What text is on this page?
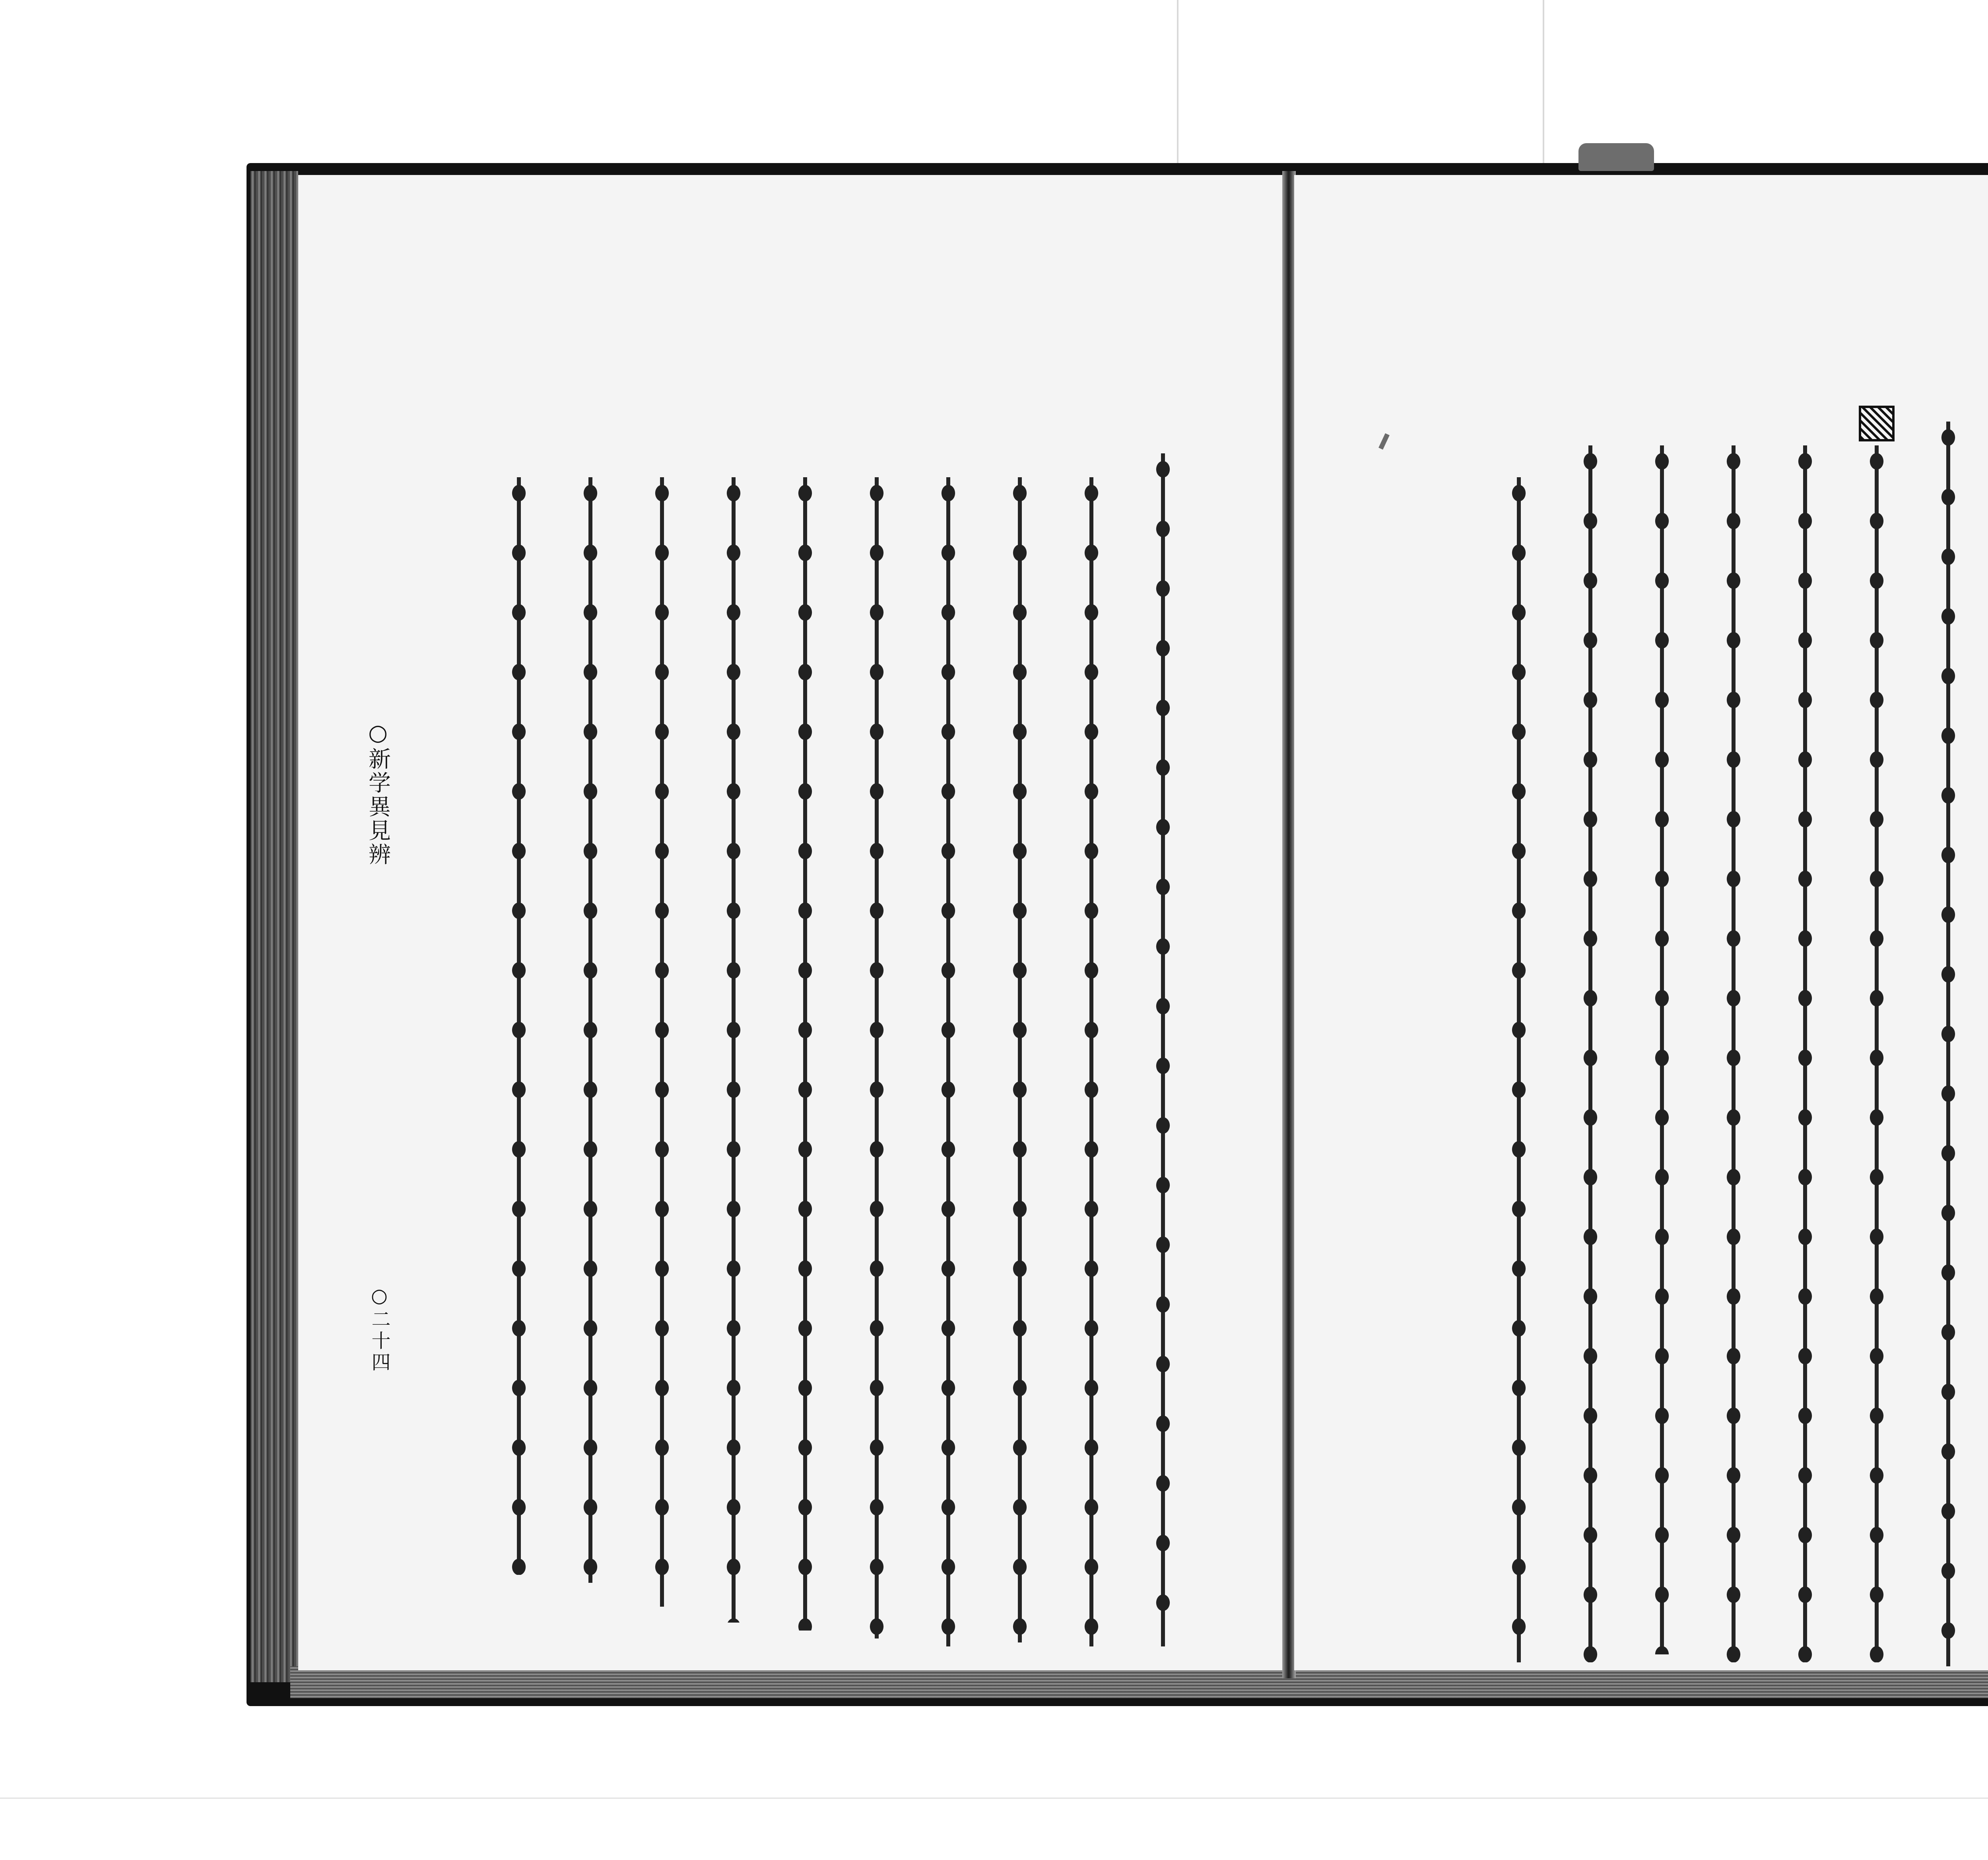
○新学異見辨
○二十四
